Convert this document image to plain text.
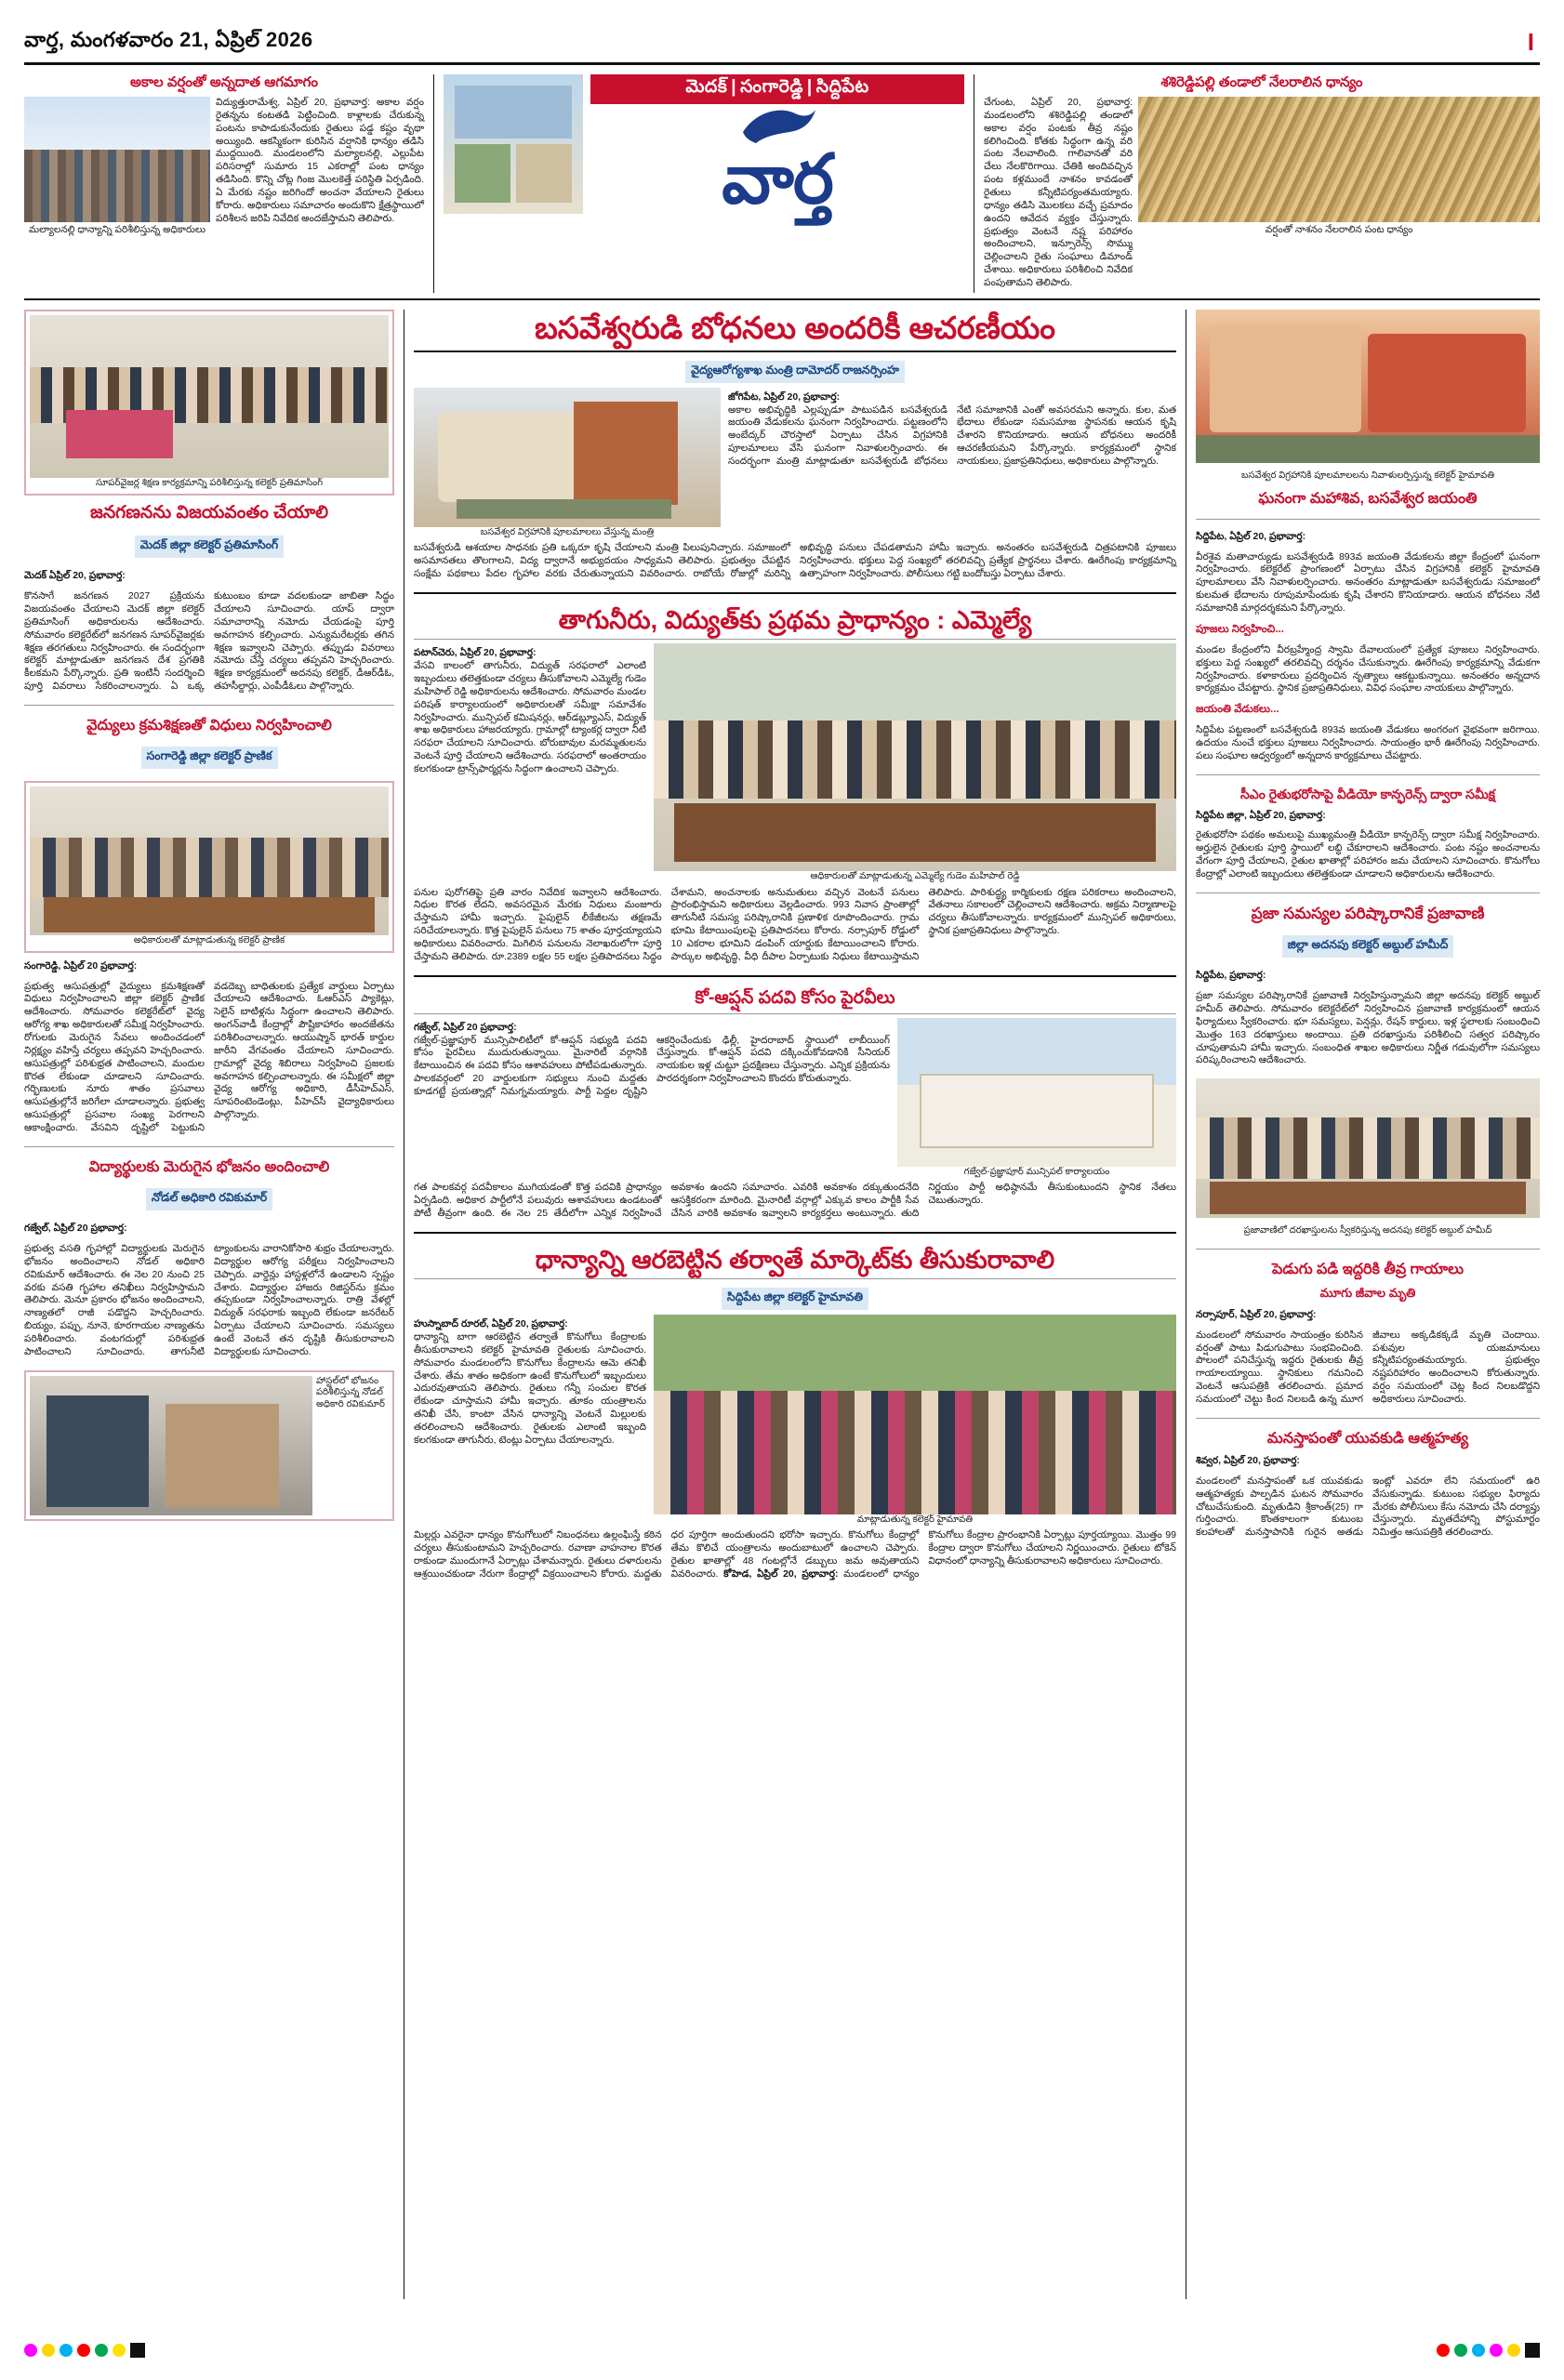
వార్త, మంగళవారం 21, ఏప్రిల్ 2026	I
అకాల వర్షంతో అన్నదాత ఆగమాగం
మల్యాలనల్లి ధాన్యాన్ని పరిశీలిస్తున్న అధికారులు
విద్యుత్తురామేశ్వ, ఏప్రిల్ 20, ప్రభావార్త: అకాల వర్షం రైతన్నను కంటతడి పెట్టించింది. కాళ్లాలకు చేరుకున్న పంటను కాపాడుకునేందుకు రైతులు పడ్డ కష్టం వృథా అయ్యింది. ఆకస్మికంగా కురిసిన వర్షానికి ధాన్యం తడిసి ముద్దయింది. మండలంలోని మల్యాలనల్లి, ఎల్లుపేట పరిసరాల్లో సుమారు 15 ఎకరాల్లో పంట ధాన్యం తడిసింది. కొన్ని చోట్ల గింజ మొలకెత్తే పరిస్థితి ఏర్పడింది. ఏ మేరకు నష్టం జరిగిందో అంచనా వేయాలని రైతులు కోరారు. అధికారులు సమాచారం అందుకొని క్షేత్రస్థాయిలో పరిశీలన జరిపి నివేదిక అందజేస్తామని తెలిపారు.
మెదక్ | సంగారెడ్డి | సిద్దిపేట
వార్త
శశిరెడ్డిపల్లి తండాలో నేలరాలిన ధాన్యం
చేగుంట, ఏప్రిల్ 20, ప్రభావార్త: మండలంలోని శశిరెడ్డిపల్లి తండాలో అకాల వర్షం పంటకు తీవ్ర నష్టం కలిగించింది. కోతకు సిద్ధంగా ఉన్న వరి పంట నేలవాలింది. గాలివానతో వరి చేలు నేలకొరిగాయి. చేతికి అందివచ్చిన పంట కళ్లముందే నాశనం కావడంతో రైతులు కన్నీటిపర్యంతమయ్యారు. ధాన్యం తడిసి మొలకలు వచ్చే ప్రమాదం ఉందని ఆవేదన వ్యక్తం చేస్తున్నారు. ప్రభుత్వం వెంటనే నష్ట పరిహారం అందించాలని, ఇన్సూరెన్స్ సొమ్ము చెల్లించాలని రైతు సంఘాలు డిమాండ్ చేశాయి. అధికారులు పరిశీలించి నివేదిక పంపుతామని తెలిపారు.
వర్షంతో నాశనం నేలరాలిన పంట ధాన్యం
సూపర్‌వైజర్ల శిక్షణ కార్యక్రమాన్ని పరిశీలిస్తున్న కలెక్టర్ ప్రతిమాసింగ్
జనగణనను విజయవంతం చేయాలి
మెదక్ జిల్లా కలెక్టర్ ప్రతిమాసింగ్
మెదక్ ఏప్రిల్ 20, ప్రభావార్త:
కొనసాగే జనగణన 2027 ప్రక్రియను విజయవంతం చేయాలని మెదక్ జిల్లా కలెక్టర్ ప్రతిమాసింగ్ అధికారులను ఆదేశించారు. సోమవారం కలెక్టరేట్‌లో జనగణన సూపర్‌వైజర్లకు శిక్షణ తరగతులు నిర్వహించారు. ఈ సందర్భంగా కలెక్టర్ మాట్లాడుతూ జనగణన దేశ ప్రగతికి కీలకమని పేర్కొన్నారు. ప్రతి ఇంటినీ సందర్శించి పూర్తి వివరాలు సేకరించాలన్నారు. ఏ ఒక్క కుటుంబం కూడా వదలకుండా జాబితా సిద్ధం చేయాలని సూచించారు. యాప్ ద్వారా సమాచారాన్ని నమోదు చేయడంపై పూర్తి అవగాహన కల్పించారు. ఎన్యుమరేటర్లకు తగిన శిక్షణ ఇవ్వాలని చెప్పారు. తప్పుడు వివరాలు నమోదు చేస్తే చర్యలు తప్పవని హెచ్చరించారు. శిక్షణ కార్యక్రమంలో అదనపు కలెక్టర్, డీఆర్‌డీఓ, తహసీల్దార్లు, ఎంపీడీఓలు పాల్గొన్నారు.
వైద్యులు క్రమశిక్షణతో విధులు నిర్వహించాలి
సంగారెడ్డి జిల్లా కలెక్టర్ ప్రాణిక
అధికారులతో మాట్లాడుతున్న కలెక్టర్ ప్రాణిక
సంగారెడ్డి, ఏప్రిల్ 20 ప్రభావార్త:
ప్రభుత్వ ఆసుపత్రుల్లో వైద్యులు క్రమశిక్షణతో విధులు నిర్వహించాలని జిల్లా కలెక్టర్ ప్రాణిక ఆదేశించారు. సోమవారం కలెక్టరేట్‌లో వైద్య ఆరోగ్య శాఖ అధికారులతో సమీక్ష నిర్వహించారు. రోగులకు మెరుగైన సేవలు అందించడంలో నిర్లక్ష్యం వహిస్తే చర్యలు తప్పవని హెచ్చరించారు. ఆసుపత్రుల్లో పరిశుభ్రత పాటించాలని, మందుల కొరత లేకుండా చూడాలని సూచించారు. గర్భిణులకు నూరు శాతం ప్రసవాలు ఆసుపత్రుల్లోనే జరిగేలా చూడాలన్నారు. ప్రభుత్వ ఆసుపత్రుల్లో ప్రసవాల సంఖ్య పెరగాలని ఆకాంక్షించారు. వేసవిని దృష్టిలో పెట్టుకుని వడదెబ్బ బాధితులకు ప్రత్యేక వార్డులు ఏర్పాటు చేయాలని ఆదేశించారు. ఓఆర్‌ఎస్ ప్యాకెట్లు, సెలైన్ బాటిళ్లను సిద్ధంగా ఉంచాలని తెలిపారు. అంగన్‌వాడీ కేంద్రాల్లో పౌష్టికాహారం అందజేతను పరిశీలించాలన్నారు. ఆయుష్మాన్ భారత్ కార్డుల జారీని వేగవంతం చేయాలని సూచించారు. గ్రామాల్లో వైద్య శిబిరాలు నిర్వహించి ప్రజలకు అవగాహన కల్పించాలన్నారు. ఈ సమీక్షలో జిల్లా వైద్య ఆరోగ్య అధికారి, డీసీహెచ్‌ఎస్, సూపరింటెండెంట్లు, పీహెచ్‌సీ వైద్యాధికారులు పాల్గొన్నారు.
విద్యార్థులకు మెరుగైన భోజనం అందించాలి
నోడల్ అధికారి రవికుమార్
గజ్వేల్, ఏప్రిల్ 20 ప్రభావార్త:
ప్రభుత్వ వసతి గృహాల్లో విద్యార్థులకు మెరుగైన భోజనం అందించాలని నోడల్ అధికారి రవికుమార్ ఆదేశించారు. ఈ నెల 20 నుంచి 25 వరకు వసతి గృహాల తనిఖీలు నిర్వహిస్తామని తెలిపారు. మెనూ ప్రకారం భోజనం అందించాలని, నాణ్యతలో రాజీ పడొద్దని హెచ్చరించారు. బియ్యం, పప్పు, నూనె, కూరగాయల నాణ్యతను పరిశీలించారు. వంటగదుల్లో పరిశుభ్రత పాటించాలని సూచించారు. తాగునీటి ట్యాంకులను వారానికోసారి శుభ్రం చేయాలన్నారు. విద్యార్థుల ఆరోగ్య పరీక్షలు నిర్వహించాలని చెప్పారు. వార్డెన్లు హాస్టళ్లలోనే ఉండాలని స్పష్టం చేశారు. విద్యార్థుల హాజరు రిజిస్టర్‌ను క్రమం తప్పకుండా నిర్వహించాలన్నారు. రాత్రి వేళల్లో విద్యుత్ సరఫరాకు ఇబ్బంది లేకుండా జనరేటర్ ఏర్పాటు చేయాలని సూచించారు. సమస్యలు ఉంటే వెంటనే తన దృష్టికి తీసుకురావాలని విద్యార్థులకు సూచించారు.
హాస్టల్‌లో భోజనం పరిశీలిస్తున్న నోడల్ అధికారి రవికుమార్
బసవేశ్వరుడి బోధనలు అందరికీ ఆచరణీయం
వైద్యఆరోగ్యశాఖ మంత్రి దామోదర్ రాజనర్సింహ
బసవేశ్వర విగ్రహానికి పూలమాలలు వేస్తున్న మంత్రి
జోగిపేట, ఏప్రిల్ 20, ప్రభావార్త:
అకాల అభివృద్ధికి ఎల్లప్పుడూ పాటుపడిన బసవేశ్వరుడి జయంతి వేడుకలను ఘనంగా నిర్వహించారు. పట్టణంలోని అంబేద్కర్ చౌరస్తాలో ఏర్పాటు చేసిన విగ్రహానికి పూలమాలలు వేసి ఘనంగా నివాళులర్పించారు. ఈ సందర్భంగా మంత్రి మాట్లాడుతూ బసవేశ్వరుడి బోధనలు నేటి సమాజానికి ఎంతో అవసరమని అన్నారు. కుల, మత భేదాలు లేకుండా సమసమాజ స్థాపనకు ఆయన కృషి చేశారని కొనియాడారు. ఆయన బోధనలు అందరికీ ఆచరణీయమని పేర్కొన్నారు. కార్యక్రమంలో స్థానిక నాయకులు, ప్రజాప్రతినిధులు, అధికారులు పాల్గొన్నారు.
బసవేశ్వరుడి ఆశయాల సాధనకు ప్రతి ఒక్కరూ కృషి చేయాలని మంత్రి పిలుపునిచ్చారు. సమాజంలో అసమానతలు తొలగాలని, విద్య ద్వారానే అభ్యుదయం సాధ్యమని తెలిపారు. ప్రభుత్వం చేపట్టిన సంక్షేమ పథకాలు పేదల గృహాల వరకు చేరుతున్నాయని వివరించారు. రాబోయే రోజుల్లో మరిన్ని అభివృద్ధి పనులు చేపడతామని హామీ ఇచ్చారు. అనంతరం బసవేశ్వరుడి చిత్రపటానికి పూజలు నిర్వహించారు. భక్తులు పెద్ద సంఖ్యలో తరలివచ్చి ప్రత్యేక ప్రార్థనలు చేశారు. ఊరేగింపు కార్యక్రమాన్ని ఉత్సాహంగా నిర్వహించారు. పోలీసులు గట్టి బందోబస్తు ఏర్పాటు చేశారు.
తాగునీరు, విద్యుత్‌కు ప్రథమ ప్రాధాన్యం : ఎమ్మెల్యే
పటాన్‌చెరు, ఏప్రిల్ 20, ప్రభావార్త:
వేసవి కాలంలో తాగునీరు, విద్యుత్ సరఫరాలో ఎలాంటి ఇబ్బందులు తలెత్తకుండా చర్యలు తీసుకోవాలని ఎమ్మెల్యే గుడెం మహిపాల్ రెడ్డి అధికారులను ఆదేశించారు. సోమవారం మండల పరిషత్ కార్యాలయంలో అధికారులతో సమీక్షా సమావేశం నిర్వహించారు. మున్సిపల్ కమిషనర్లు, ఆర్‌డబ్ల్యూఎస్, విద్యుత్ శాఖ అధికారులు హాజరయ్యారు. గ్రామాల్లో ట్యాంకర్ల ద్వారా నీటి సరఫరా చేయాలని సూచించారు. బోరుబావుల మరమ్మతులను వెంటనే పూర్తి చేయాలని ఆదేశించారు. సరఫరాలో అంతరాయం కలగకుండా ట్రాన్స్‌ఫార్మర్లను సిద్ధంగా ఉంచాలని చెప్పారు.
ఆధికారులతో మాట్లాడుతున్న ఎమ్మెల్యే గుడెం మహిపాల్ రెడ్డి
పనుల పురోగతిపై ప్రతి వారం నివేదిక ఇవ్వాలని ఆదేశించారు. నిధుల కొరత లేదని, అవసరమైన మేరకు నిధులు మంజూరు చేస్తామని హామీ ఇచ్చారు. పైపులైన్ లీకేజీలను తక్షణమే సరిచేయాలన్నారు. కొత్త పైపులైన్ పనులు 75 శాతం పూర్తయ్యాయని అధికారులు వివరించారు. మిగిలిన పనులను నెలాఖరులోగా పూర్తి చేస్తామని తెలిపారు. రూ.2389 లక్షల 55 లక్షల ప్రతిపాదనలు సిద్ధం చేశామని, అంచనాలకు అనుమతులు వచ్చిన వెంటనే పనులు ప్రారంభిస్తామని అధికారులు వెల్లడించారు. 993 నివాస ప్రాంతాల్లో తాగునీటి సమస్య పరిష్కారానికి ప్రణాళిక రూపొందించారు. గ్రామ భూమి కేటాయింపులపై ప్రతిపాదనలు కోరారు. నర్సాపూర్ రోడ్డులో 10 ఎకరాల భూమిని డంపింగ్ యార్డుకు కేటాయించాలని కోరారు. పార్కుల అభివృద్ధి, వీధి దీపాల ఏర్పాటుకు నిధులు కేటాయిస్తామని తెలిపారు. పారిశుద్ధ్య కార్మికులకు రక్షణ పరికరాలు అందించాలని, వేతనాలు సకాలంలో చెల్లించాలని ఆదేశించారు. అక్రమ నిర్మాణాలపై చర్యలు తీసుకోవాలన్నారు. కార్యక్రమంలో మున్సిపల్ అధికారులు, స్థానిక ప్రజాప్రతినిధులు పాల్గొన్నారు.
కో-ఆప్షన్ పదవి కోసం పైరవీలు
గజ్వేల్, ఏప్రిల్ 20 ప్రభావార్త:
గజ్వేల్-ప్రజ్ఞాపూర్ మున్సిపాలిటీలో కో-ఆప్షన్ సభ్యుడి పదవి కోసం పైరవీలు ముదురుతున్నాయి. మైనారిటీ వర్గానికి కేటాయించిన ఈ పదవి కోసం ఆశావహులు పోటీపడుతున్నారు. పాలకవర్గంలో 20 వార్డులకుగా సభ్యులు నుంచి మద్దతు కూడగట్టే ప్రయత్నాల్లో నిమగ్నమయ్యారు. పార్టీ పెద్దల దృష్టిని ఆకర్షించేందుకు ఢిల్లీ, హైదరాబాద్ స్థాయిలో లాబీయింగ్ చేస్తున్నారు. కో-ఆప్షన్ పదవి దక్కించుకోవడానికి సీనియర్ నాయకుల ఇళ్ల చుట్టూ ప్రదక్షిణలు చేస్తున్నారు. ఎన్నిక ప్రక్రియను పారదర్శకంగా నిర్వహించాలని కొందరు కోరుతున్నారు.
గజ్వేల్-ప్రజ్ఞాపూర్ మున్సిపల్ కార్యాలయం
గత పాలకవర్గ పదవీకాలం ముగియడంతో కొత్త పదవికి ప్రాధాన్యం ఏర్పడింది. అధికార పార్టీలోనే పలువురు ఆశావహులు ఉండటంతో పోటీ తీవ్రంగా ఉంది. ఈ నెల 25 తేదీలోగా ఎన్నిక నిర్వహించే అవకాశం ఉందని సమాచారం. ఎవరికి అవకాశం దక్కుతుందనేది ఆసక్తికరంగా మారింది. మైనారిటీ వర్గాల్లో ఎక్కువ కాలం పార్టీకి సేవ చేసిన వారికి అవకాశం ఇవ్వాలని కార్యకర్తలు అంటున్నారు. తుది నిర్ణయం పార్టీ అధిష్ఠానమే తీసుకుంటుందని స్థానిక నేతలు చెబుతున్నారు.
ధాన్యాన్ని ఆరబెట్టిన తర్వాతే మార్కెట్‌కు తీసుకురావాలి
సిద్దిపేట జిల్లా కలెక్టర్ హైమావతి
హుస్నాబాద్ రూరల్, ఏప్రిల్ 20, ప్రభావార్త:
ధాన్యాన్ని బాగా ఆరబెట్టిన తర్వాతే కొనుగోలు కేంద్రాలకు తీసుకురావాలని కలెక్టర్ హైమావతి రైతులకు సూచించారు. సోమవారం మండలంలోని కొనుగోలు కేంద్రాలను ఆమె తనిఖీ చేశారు. తేమ శాతం అధికంగా ఉంటే కొనుగోలులో ఇబ్బందులు ఎదురవుతాయని తెలిపారు. రైతులు గన్నీ సంచుల కొరత లేకుండా చూస్తామని హామీ ఇచ్చారు. తూకం యంత్రాలను తనిఖీ చేసి, కాంటా వేసిన ధాన్యాన్ని వెంటనే మిల్లులకు తరలించాలని ఆదేశించారు. రైతులకు ఎలాంటి ఇబ్బంది కలగకుండా తాగునీరు, టెంట్లు ఏర్పాటు చేయాలన్నారు.
మాట్లాడుతున్న కలెక్టర్ హైమావతి
మిల్లర్లు ఎవరైనా ధాన్యం కొనుగోలులో నిబంధనలు ఉల్లంఘిస్తే కఠిన చర్యలు తీసుకుంటామని హెచ్చరించారు. రవాణా వాహనాల కొరత రాకుండా ముందుగానే ఏర్పాట్లు చేశామన్నారు. రైతులు దళారులను ఆశ్రయించకుండా నేరుగా కేంద్రాల్లో విక్రయించాలని కోరారు. మద్దతు ధర పూర్తిగా అందుతుందని భరోసా ఇచ్చారు. కొనుగోలు కేంద్రాల్లో తేమ కొలిచే యంత్రాలను అందుబాటులో ఉంచాలని చెప్పారు. రైతుల ఖాతాల్లో 48 గంటల్లోనే డబ్బులు జమ అవుతాయని వివరించారు. కోహెడ, ఏప్రిల్ 20, ప్రభావార్త: మండలంలో ధాన్యం కొనుగోలు కేంద్రాల ప్రారంభానికి ఏర్పాట్లు పూర్తయ్యాయి. మొత్తం 99 కేంద్రాల ద్వారా కొనుగోలు చేయాలని నిర్ణయించారు. రైతులు టోకెన్ విధానంలో ధాన్యాన్ని తీసుకురావాలని అధికారులు సూచించారు.
బసవేశ్వర విగ్రహానికి పూలమాలలను నివాళులర్పిస్తున్న కలెక్టర్ హైమావతి
ఘనంగా మహాశివ, బసవేశ్వర జయంతి
సిద్దిపేట, ఏప్రిల్ 20, ప్రభావార్త:
వీరశైవ మతాచార్యుడు బసవేశ్వరుడి 893వ జయంతి వేడుకలను జిల్లా కేంద్రంలో ఘనంగా నిర్వహించారు. కలెక్టరేట్ ప్రాంగణంలో ఏర్పాటు చేసిన విగ్రహానికి కలెక్టర్ హైమావతి పూలమాలలు వేసి నివాళులర్పించారు. అనంతరం మాట్లాడుతూ బసవేశ్వరుడు సమాజంలో కులమత భేదాలను రూపుమాపేందుకు కృషి చేశారని కొనియాడారు. ఆయన బోధనలు నేటి సమాజానికి మార్గదర్శకమని పేర్కొన్నారు.
పూజలు నిర్వహించి...
మండల కేంద్రంలోని వీరబ్రహ్మేంద్ర స్వామి దేవాలయంలో ప్రత్యేక పూజలు నిర్వహించారు. భక్తులు పెద్ద సంఖ్యలో తరలివచ్చి దర్శనం చేసుకున్నారు. ఊరేగింపు కార్యక్రమాన్ని వేడుకగా నిర్వహించారు. కళాకారులు ప్రదర్శించిన నృత్యాలు ఆకట్టుకున్నాయి. అనంతరం అన్నదాన కార్యక్రమం చేపట్టారు. స్థానిక ప్రజాప్రతినిధులు, వివిధ సంఘాల నాయకులు పాల్గొన్నారు.
జయంతి వేడుకలు...
సిద్దిపేట పట్టణంలో బసవేశ్వరుడి 893వ జయంతి వేడుకలు అంగరంగ వైభవంగా జరిగాయి. ఉదయం నుంచే భక్తులు పూజలు నిర్వహించారు. సాయంత్రం భారీ ఊరేగింపు నిర్వహించారు. పలు సంఘాల ఆధ్వర్యంలో అన్నదాన కార్యక్రమాలు చేపట్టారు.
సీఎం రైతుభరోసాపై వీడియో కాన్ఫరెన్స్ ద్వారా సమీక్ష
సిద్దిపేట జిల్లా, ఏప్రిల్ 20, ప్రభావార్త:
రైతుభరోసా పథకం అమలుపై ముఖ్యమంత్రి వీడియో కాన్ఫరెన్స్ ద్వారా సమీక్ష నిర్వహించారు. అర్హులైన రైతులకు పూర్తి స్థాయిలో లబ్ధి చేకూరాలని ఆదేశించారు. పంట నష్టం అంచనాలను వేగంగా పూర్తి చేయాలని, రైతుల ఖాతాల్లో పరిహారం జమ చేయాలని సూచించారు. కొనుగోలు కేంద్రాల్లో ఎలాంటి ఇబ్బందులు తలెత్తకుండా చూడాలని అధికారులను ఆదేశించారు.
ప్రజా సమస్యల పరిష్కారానికే ప్రజావాణి
జిల్లా అదనపు కలెక్టర్ అబ్దుల్ హమీద్
సిద్దిపేట, ప్రభావార్త:
ప్రజా సమస్యల పరిష్కారానికే ప్రజావాణి నిర్వహిస్తున్నామని జిల్లా అదనపు కలెక్టర్ అబ్దుల్ హమీద్ తెలిపారు. సోమవారం కలెక్టరేట్‌లో నిర్వహించిన ప్రజావాణి కార్యక్రమంలో ఆయన ఫిర్యాదులు స్వీకరించారు. భూ సమస్యలు, పెన్షన్లు, రేషన్ కార్డులు, ఇళ్ల స్థలాలకు సంబంధించి మొత్తం 163 దరఖాస్తులు అందాయి. ప్రతి దరఖాస్తును పరిశీలించి సత్వర పరిష్కారం చూపుతామని హామీ ఇచ్చారు. సంబంధిత శాఖల అధికారులు నిర్ణీత గడువులోగా సమస్యలు పరిష్కరించాలని ఆదేశించారు.
ప్రజావాణిలో దరఖాస్తులను స్వీకరిస్తున్న అదనపు కలెక్టర్ అబ్దుల్ హమీద్
పెడుగు పడి ఇద్దరికి తీవ్ర గాయాలు
మూగు జీవాల మృతి
నర్సాపూర్, ఏప్రిల్ 20, ప్రభావార్త:
మండలంలో సోమవారం సాయంత్రం కురిసిన వర్షంతో పాటు పిడుగుపాటు సంభవించింది. పొలంలో పనిచేస్తున్న ఇద్దరు రైతులకు తీవ్ర గాయాలయ్యాయి. స్థానికులు గమనించి వెంటనే ఆసుపత్రికి తరలించారు. ప్రమాద సమయంలో చెట్టు కింద నిలబడి ఉన్న మూగ జీవాలు అక్కడికక్కడే మృతి చెందాయి. పశువుల యజమానులు కన్నీటిపర్యంతమయ్యారు. ప్రభుత్వం నష్టపరిహారం అందించాలని కోరుతున్నారు. వర్షం సమయంలో చెట్ల కింద నిలబడొద్దని అధికారులు సూచించారు.
మనస్తాపంతో యువకుడి ఆత్మహత్య
శివ్వర, ఏప్రిల్ 20, ప్రభావార్త:
మండలంలో మనస్తాపంతో ఒక యువకుడు ఆత్మహత్యకు పాల్పడిన ఘటన సోమవారం చోటుచేసుకుంది. మృతుడిని శ్రీకాంత్(25) గా గుర్తించారు. కొంతకాలంగా కుటుంబ కలహాలతో మనస్తాపానికి గురైన అతడు ఇంట్లో ఎవరూ లేని సమయంలో ఉరి వేసుకున్నాడు. కుటుంబ సభ్యుల ఫిర్యాదు మేరకు పోలీసులు కేసు నమోదు చేసి దర్యాప్తు చేస్తున్నారు. మృతదేహాన్ని పోస్టుమార్టం నిమిత్తం ఆసుపత్రికి తరలించారు.
